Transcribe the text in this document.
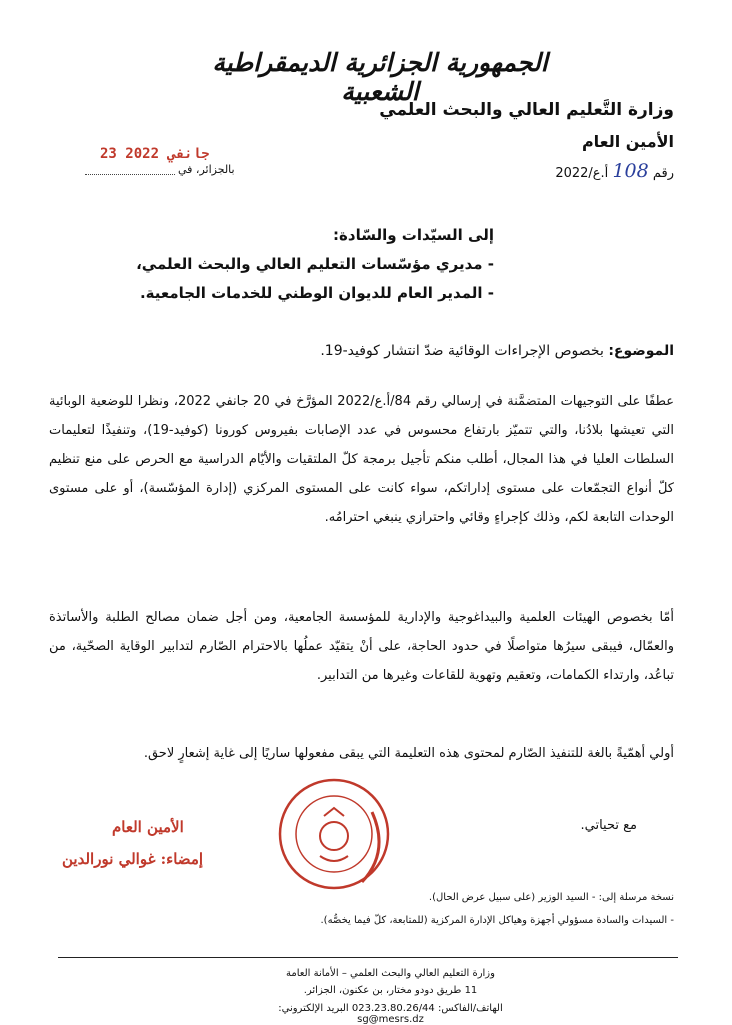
الجمهورية الجزائرية الديمقراطية الشعبية
وزارة التَّعليم العالي والبحث العلمي
الأمين العام
رقم 108 أ.ع/2022
بالجزائر، في
23 جانفي 2022
إلى السيّدات والسّادة:
- مديري مؤسّسات التعليم العالي والبحث العلمي،
- المدير العام للديوان الوطني للخدمات الجامعية.
الموضوع: بخصوص الإجراءات الوقائية ضدّ انتشار كوفيد-19.
عطفًا على التوجيهات المتضمَّنة في إرسالي رقم 84/أ.ع/2022 المؤرَّخ في 20 جانفي 2022، ونظرا للوضعية الوبائية التي تعيشها بلادُنا، والتي تتميّز بارتفاع محسوس في عدد الإصابات بفيروس كورونا (كوفيد-19)، وتنفيذًا لتعليمات السلطات العليا في هذا المجال، أطلب منكم تأجيل برمجة كلّ الملتقيات والأيّام الدراسية مع الحرص على منع تنظيم كلّ أنواع التجمّعات على مستوى إداراتكم، سواء كانت على المستوى المركزي (إدارة المؤسّسة)، أو على مستوى الوحدات التابعة لكم، وذلك كإجراءٍ وقائي واحترازي ينبغي احترامُه.
أمّا بخصوص الهيئات العلمية والبيداغوجية والإدارية للمؤسسة الجامعية، ومن أجل ضمان مصالح الطلبة والأساتذة والعمّال، فيبقى سيرُها متواصلًا في حدود الحاجة، على أنْ يتقيّد عملُها بالاحترام الصّارم لتدابير الوقاية الصحّية، من تباعُد، وارتداء الكمامات، وتعقيم وتهوية للقاعات وغيرها من التدابير.
أولي أهمّيةً بالغة للتنفيذ الصّارم لمحتوى هذه التعليمة التي يبقى مفعولها ساريًا إلى غاية إشعارٍ لاحق.
مع تحياتي.
الأمين العام
إمضاء: غوالي نورالدين
نسخة مرسلة إلى: - السيد الوزير (على سبيل عرض الحال).
- السيدات والسادة مسؤولي أجهزة وهياكل الإدارة المركزية (للمتابعة، كلّ فيما يخصُّه).
وزارة التعليم العالي والبحث العلمي – الأمانة العامة
11 طريق دودو مختار، بن عكنون، الجزائر.
الهاتف/الفاكس: 023.23.80.26/44 البريد الإلكتروني: sg@mesrs.dz
